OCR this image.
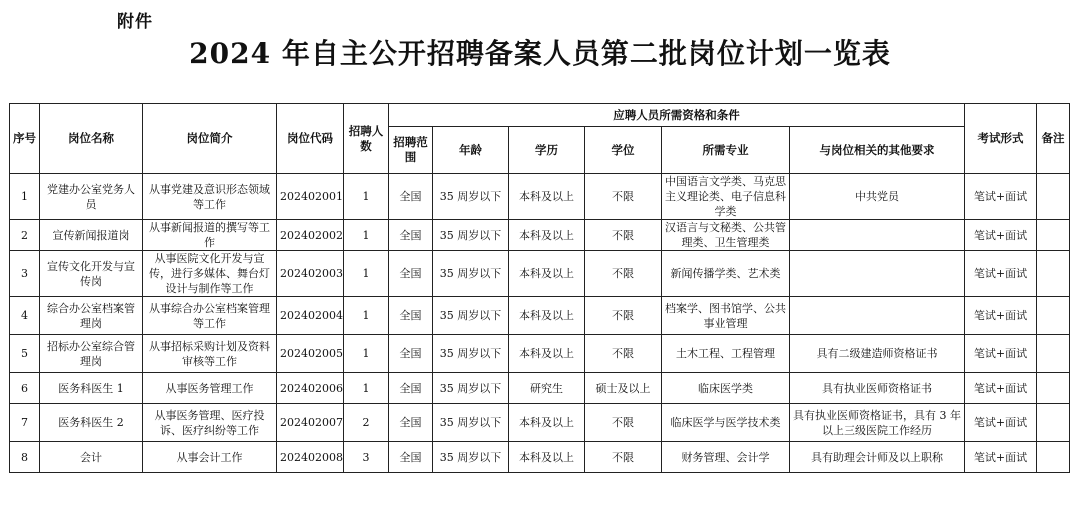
附件
2024 年自主公开招聘备案人员第二批岗位计划一览表
序号	岗位名称	岗位简介	岗位代码	招聘人数	应聘人员所需资格和条件						考试形式	备注
					招聘范围	年龄	学历	学位	所需专业	与岗位相关的其他要求		
1	党建办公室党务人员	从事党建及意识形态领域等工作	202402001	1	全国	35 周岁以下	本科及以上	不限	中国语言文学类、马克思主义理论类、电子信息科学类	中共党员	笔试+面试	
2	宣传新闻报道岗	从事新闻报道的撰写等工作	202402002	1	全国	35 周岁以下	本科及以上	不限	汉语言与文秘类、公共管理类、卫生管理类		笔试+面试	
3	宣传文化开发与宣传岗	从事医院文化开发与宣传，进行多媒体、舞台灯设计与制作等工作	202402003	1	全国	35 周岁以下	本科及以上	不限	新闻传播学类、艺术类		笔试+面试	
4	综合办公室档案管理岗	从事综合办公室档案管理等工作	202402004	1	全国	35 周岁以下	本科及以上	不限	档案学、图书馆学、公共事业管理		笔试+面试	
5	招标办公室综合管理岗	从事招标采购计划及资料审核等工作	202402005	1	全国	35 周岁以下	本科及以上	不限	土木工程、工程管理	具有二级建造师资格证书	笔试+面试	
6	医务科医生 1	从事医务管理工作	202402006	1	全国	35 周岁以下	研究生	硕士及以上	临床医学类	具有执业医师资格证书	笔试+面试	
7	医务科医生 2	从事医务管理、医疗投诉、医疗纠纷等工作	202402007	2	全国	35 周岁以下	本科及以上	不限	临床医学与医学技术类	具有执业医师资格证书，具有 3 年以上三级医院工作经历	笔试+面试	
8	会计	从事会计工作	202402008	3	全国	35 周岁以下	本科及以上	不限	财务管理、会计学	具有助理会计师及以上职称	笔试+面试	
